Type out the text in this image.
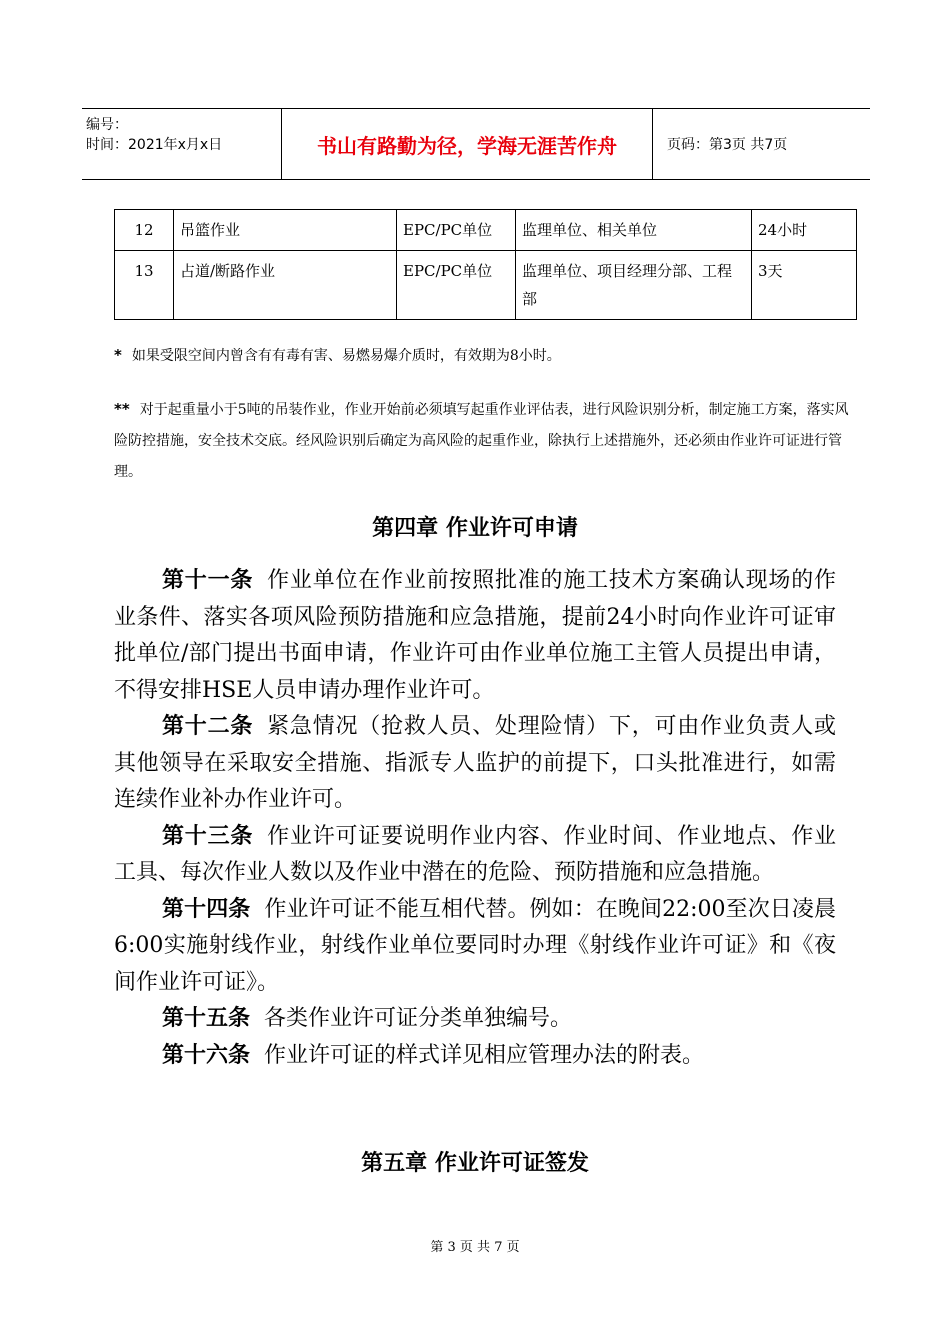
编号：
时间：2021年x月x日	书山有路勤为径，学海无涯苦作舟	页码：第3页 共7页
12	吊篮作业	EPC/PC单位	监理单位、相关单位	24小时
13	占道/断路作业	EPC/PC单位	监理单位、项目经理分部、工程部	3天
* 如果受限空间内曾含有有毒有害、易燃易爆介质时，有效期为8小时。
** 对于起重量小于5吨的吊装作业，作业开始前必须填写起重作业评估表，进行风险识别分析，制定施工方案，落实风险防控措施，安全技术交底。经风险识别后确定为高风险的起重作业，除执行上述措施外，还必须由作业许可证进行管理。
第四章 作业许可申请

第十一条 作业单位在作业前按照批准的施工技术方案确认现场的作业条件、落实各项风险预防措施和应急措施，提前24小时向作业许可证审批单位/部门提出书面申请，作业许可由作业单位施工主管人员提出申请，不得安排HSE人员申请办理作业许可。

第十二条 紧急情况（抢救人员、处理险情）下，可由作业负责人或其他领导在采取安全措施、指派专人监护的前提下，口头批准进行，如需连续作业补办作业许可。

第十三条 作业许可证要说明作业内容、作业时间、作业地点、作业工具、每次作业人数以及作业中潜在的危险、预防措施和应急措施。

第十四条 作业许可证不能互相代替。例如：在晚间22:00至次日凌晨6:00实施射线作业，射线作业单位要同时办理《射线作业许可证》和《夜间作业许可证》。

第十五条 各类作业许可证分类单独编号。

第十六条 作业许可证的样式详见相应管理办法的附表。

第五章 作业许可证签发
第 3 页 共 7 页
